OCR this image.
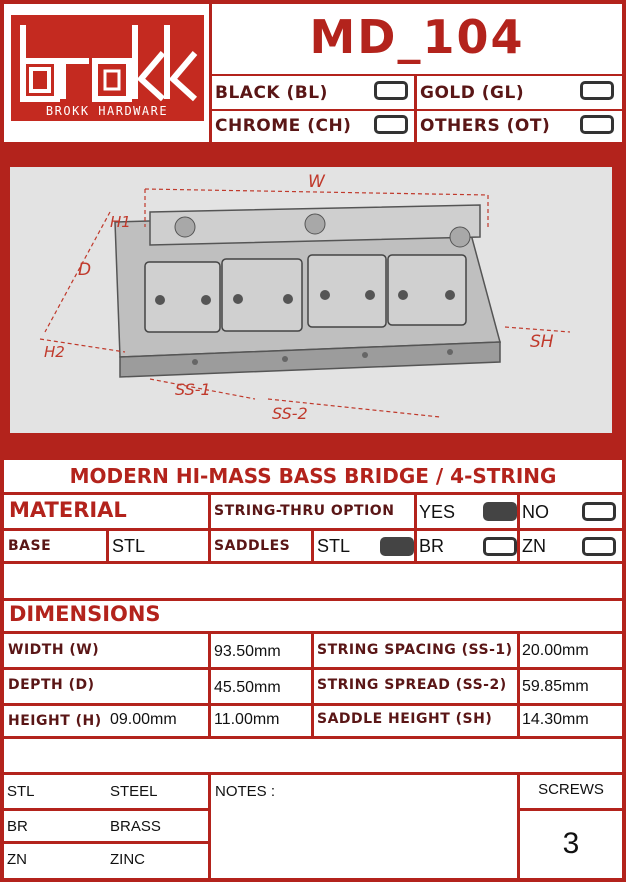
BROKK HARDWARE
MD_104
BLACK (BL)	GOLD (GL)
CHROME (CH)	OTHERS (OT)
W
H1
D
H2	SH
SS-1
SS-2
MODERN HI-MASS BASS BRIDGE / 4-STRING
MATERIAL	STRING-THRU OPTION YES	NO
BASE	STL	SADDLES STL	BR	ZN
DIMENSIONS
WIDTH (W)	93.50mm	STRING SPACING (SS-1) 20.00mm
DEPTH (D)	45.50mm	STRING SPREAD (SS-2) 59.85mm
HEIGHT (H) 09.00mm 11.00mm	SADDLE HEIGHT (SH) 14.30mm
STL	STEEL
BR	BRASS
ZN	ZINC
NOTES :	SCREWS
3
